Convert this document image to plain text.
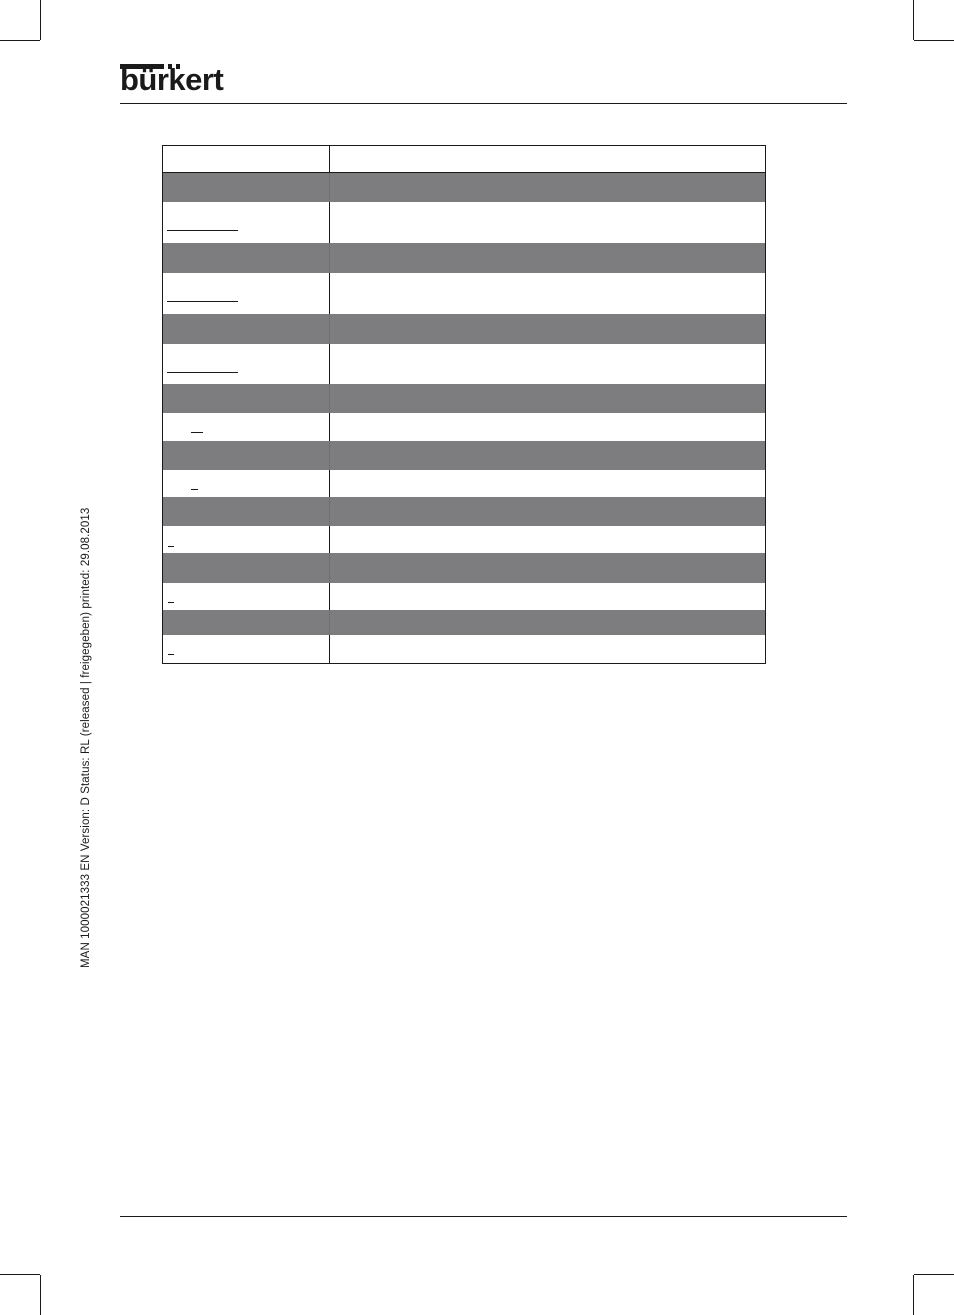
bürkert
MAN 1000021333 EN Version: D Status: RL (released | freigegeben) printed: 29.08.2013
